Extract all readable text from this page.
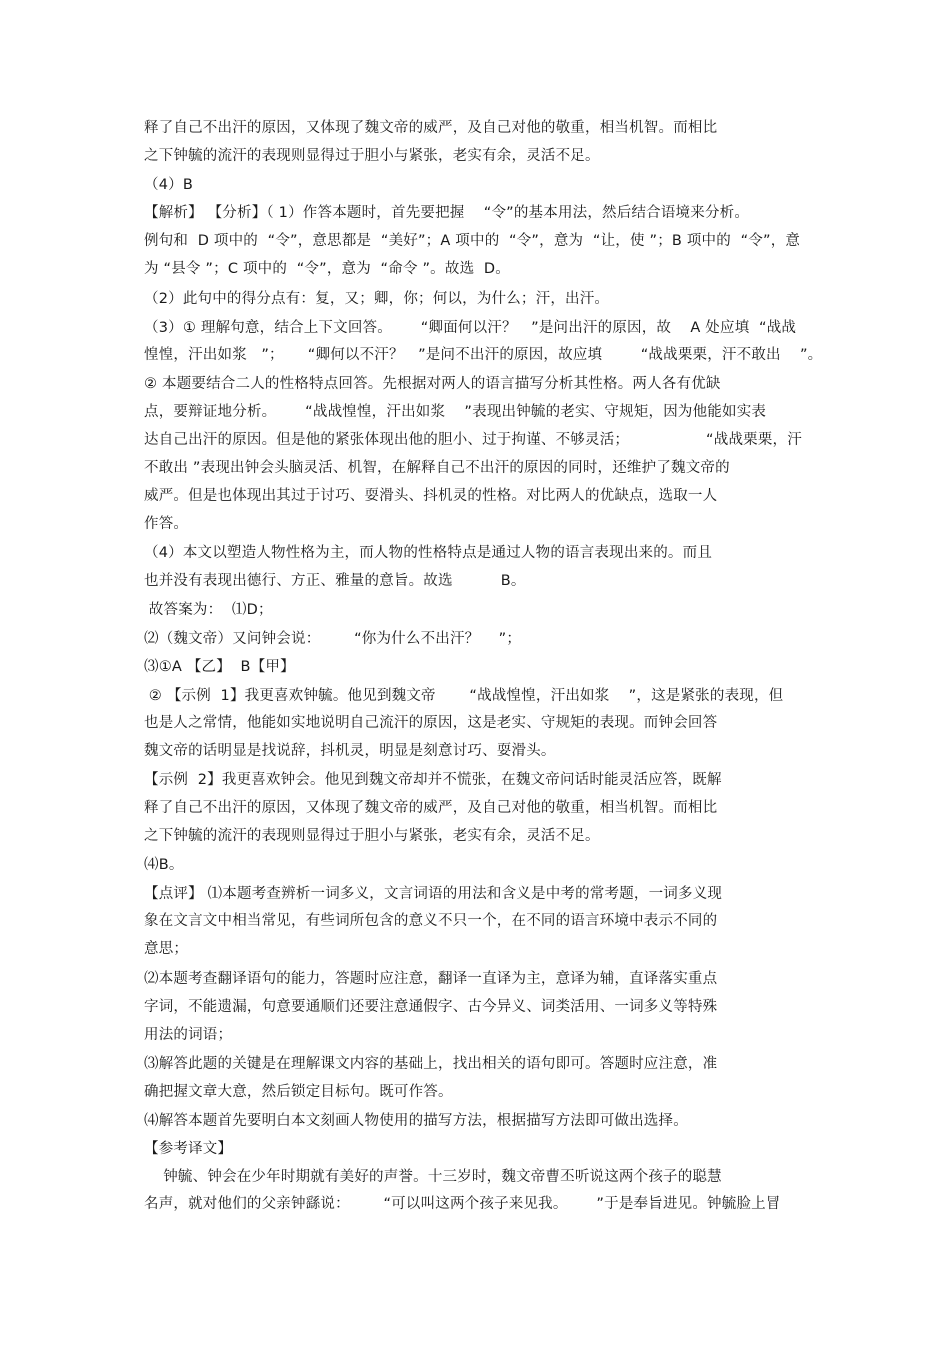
释了自己不出汗的原因，又体现了魏文帝的威严，及自己对他的敬重，相当机智。而相比
之下钟毓的流汗的表现则显得过于胆小与紧张，老实有余，灵活不足。
（4）B
【解析】 【分析】（ 1）作答本题时，首先要把握    “令”的基本用法，然后结合语境来分析。
例句和  D 项中的  “令”，意思都是  “美好”；A 项中的  “令”，意为  “让，使 ”；B 项中的  “令”，意
为 “县令 ”；C 项中的  “令”，意为  “命令 ”。故选  D。
（2）此句中的得分点有：复，又；卿，你；何以，为什么；汗，出汗。
（3）① 理解句意，结合上下文回答。      “卿面何以汗？   ”是问出汗的原因，故    A 处应填  “战战
惶惶，汗出如浆   ”；     “卿何以不汗？   ”是问不出汗的原因，故应填        “战战栗栗，汗不敢出    ”。
② 本题要结合二人的性格特点回答。先根据对两人的语言描写分析其性格。两人各有优缺
点，要辩证地分析。      “战战惶惶，汗出如浆    ”表现出钟毓的老实、守规矩，因为他能如实表
达自己出汗的原因。但是他的紧张体现出他的胆小、过于拘谨、不够灵活；                “战战栗栗，汗
不敢出 ”表现出钟会头脑灵活、机智，在解释自己不出汗的原因的同时，还维护了魏文帝的
威严。但是也体现出其过于讨巧、耍滑头、抖机灵的性格。对比两人的优缺点，选取一人
作答。
（4）本文以塑造人物性格为主，而人物的性格特点是通过人物的语言表现出来的。而且
也并没有表现出德行、方正、雅量的意旨。故选          B。
故答案为：  ⑴D；
⑵（魏文帝）又问钟会说：       “你为什么不出汗？    ”；
⑶①A 【乙】  B【甲】
② 【示例  1】我更喜欢钟毓。他见到魏文帝       “战战惶惶，汗出如浆    ”，这是紧张的表现，但
也是人之常情，他能如实地说明自己流汗的原因，这是老实、守规矩的表现。而钟会回答
魏文帝的话明显是找说辞，抖机灵，明显是刻意讨巧、耍滑头。
【示例  2】我更喜欢钟会。他见到魏文帝却并不慌张，在魏文帝问话时能灵活应答，既解
释了自己不出汗的原因，又体现了魏文帝的威严，及自己对他的敬重，相当机智。而相比
之下钟毓的流汗的表现则显得过于胆小与紧张，老实有余，灵活不足。
⑷B。
【点评】 ⑴本题考查辨析一词多义，文言词语的用法和含义是中考的常考题，一词多义现
象在文言文中相当常见，有些词所包含的意义不只一个，在不同的语言环境中表示不同的
意思；
⑵本题考查翻译语句的能力，答题时应注意，翻译一直译为主，意译为辅，直译落实重点
字词，不能遗漏，句意要通顺们还要注意通假字、古今异义、词类活用、一词多义等特殊
用法的词语；
⑶解答此题的关键是在理解课文内容的基础上，找出相关的语句即可。答题时应注意，准
确把握文章大意，然后锁定目标句。既可作答。
⑷解答本题首先要明白本文刻画人物使用的描写方法，根据描写方法即可做出选择。
【参考译文】
钟毓、钟会在少年时期就有美好的声誉。十三岁时，魏文帝曹丕听说这两个孩子的聪慧
名声，就对他们的父亲钟繇说：       “可以叫这两个孩子来见我。      ”于是奉旨进见。钟毓脸上冒
